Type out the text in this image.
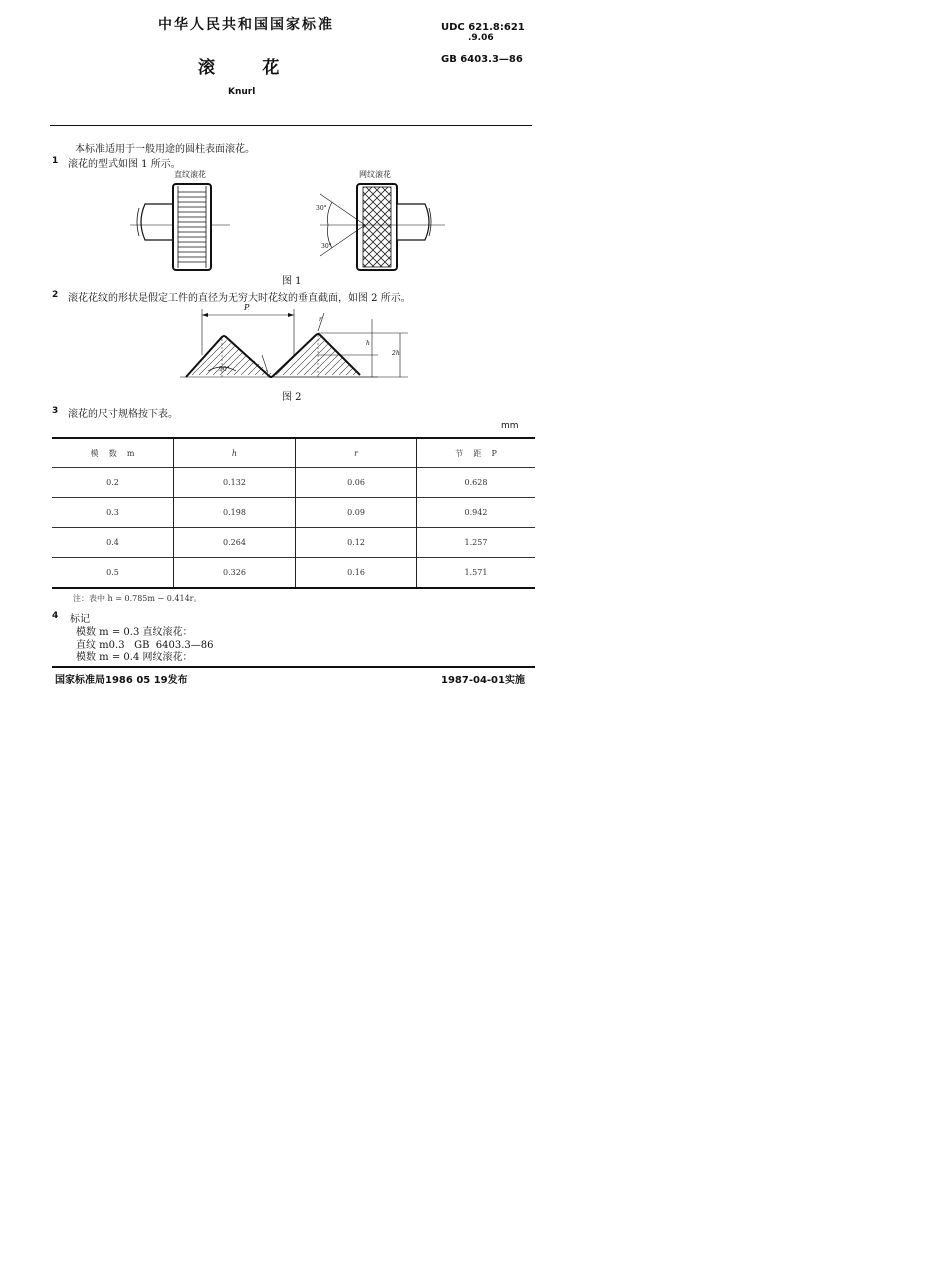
中华人民共和国国家标准	UDC 621.8:621
.9.06
GB 6403.3—86
滚        花
Knurl
本标准适用于一般用途的圆柱表面滚花。
1 滚花的型式如图 1 所示。
直纹滚花	网纹滚花
30°
30°
图 1
2 滚花花纹的形状是假定工件的直径为无穷大时花纹的垂直截面，如图 2 所示。
P
r
h
2h
图 2
3 滚花的尺寸规格按下表。
mm
模    数    m	h	r	节    距    P
0.2	0.132	0.06	0.628
0.3	0.198	0.09	0.942
0.4	0.264	0.12	1.257
0.5	0.326	0.16	1.571
注：表中 h = 0.785m − 0.414r。
4 标记
模数 m = 0.3 直纹滚花：
直纹 m0.3   GB  6403.3—86
模数 m = 0.4 网纹滚花：
国家标准局1986 05 19发布	1987-04-01实施
